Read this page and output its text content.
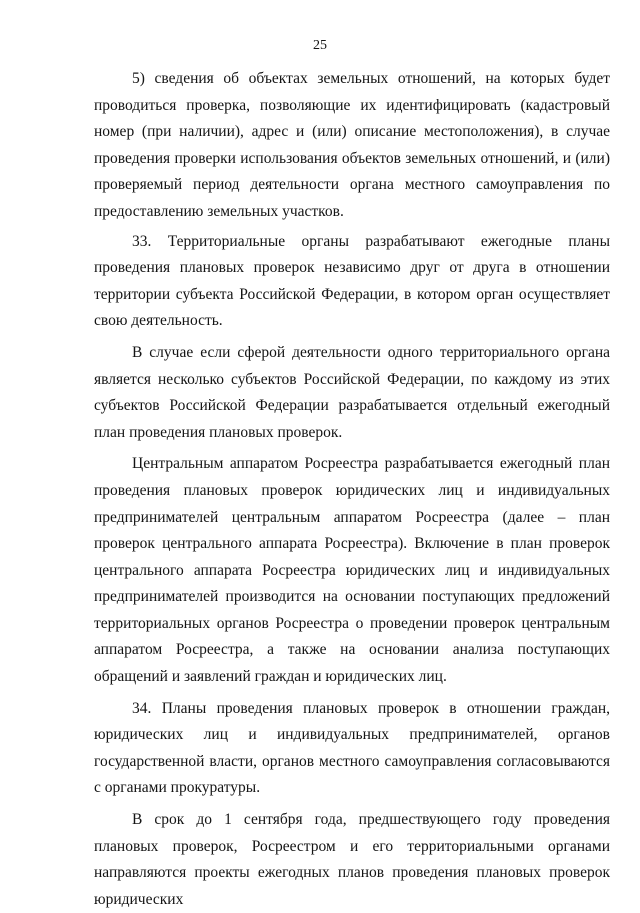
25

5) сведения об объектах земельных отношений, на которых будет проводиться проверка, позволяющие их идентифицировать (кадастровый номер (при наличии), адрес и (или) описание местоположения), в случае проведения проверки использования объектов земельных отношений, и (или) проверяемый период деятельности органа местного самоуправления по предоставлению земельных участков.

33. Территориальные органы разрабатывают ежегодные планы проведения плановых проверок независимо друг от друга в отношении территории субъекта Российской Федерации, в котором орган осуществляет свою деятельность.

В случае если сферой деятельности одного территориального органа является несколько субъектов Российской Федерации, по каждому из этих субъектов Российской Федерации разрабатывается отдельный ежегодный план проведения плановых проверок.

Центральным аппаратом Росреестра разрабатывается ежегодный план проведения плановых проверок юридических лиц и индивидуальных предпринимателей центральным аппаратом Росреестра (далее – план проверок центрального аппарата Росреестра). Включение в план проверок центрального аппарата Росреестра юридических лиц и индивидуальных предпринимателей производится на основании поступающих предложений территориальных органов Росреестра о проведении проверок центральным аппаратом Росреестра, а также на основании анализа поступающих обращений и заявлений граждан и юридических лиц.

34. Планы проведения плановых проверок в отношении граждан, юридических лиц и индивидуальных предпринимателей, органов государственной власти, органов местного самоуправления согласовываются с органами прокуратуры.

В срок до 1 сентября года, предшествующего году проведения плановых проверок, Росреестром и его территориальными органами направляются проекты ежегодных планов проведения плановых проверок юридических
